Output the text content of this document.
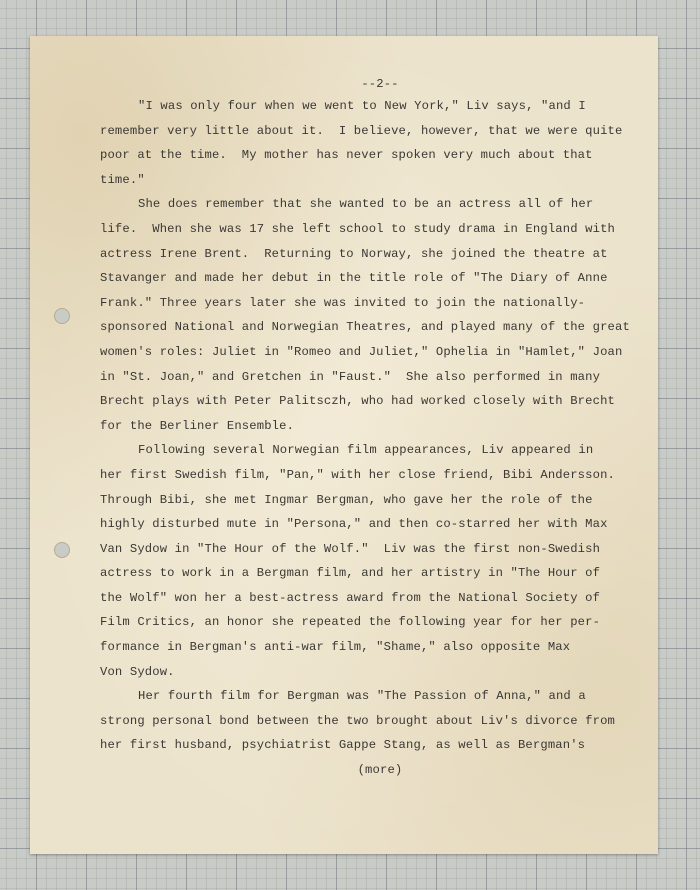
--2--
"I was only four when we went to New York," Liv says, "and I
remember very little about it.  I believe, however, that we were quite
poor at the time.  My mother has never spoken very much about that
time."
She does remember that she wanted to be an actress all of her
life.  When she was 17 she left school to study drama in England with
actress Irene Brent.  Returning to Norway, she joined the theatre at
Stavanger and made her debut in the title role of "The Diary of Anne
Frank." Three years later she was invited to join the nationally-
sponsored National and Norwegian Theatres, and played many of the great
women's roles: Juliet in "Romeo and Juliet," Ophelia in "Hamlet," Joan
in "St. Joan," and Gretchen in "Faust."  She also performed in many
Brecht plays with Peter Palitsczh, who had worked closely with Brecht
for the Berliner Ensemble.
Following several Norwegian film appearances, Liv appeared in
her first Swedish film, "Pan," with her close friend, Bibi Andersson.
Through Bibi, she met Ingmar Bergman, who gave her the role of the
highly disturbed mute in "Persona," and then co-starred her with Max
Van Sydow in "The Hour of the Wolf."  Liv was the first non-Swedish
actress to work in a Bergman film, and her artistry in "The Hour of
the Wolf" won her a best-actress award from the National Society of
Film Critics, an honor she repeated the following year for her per-
formance in Bergman's anti-war film, "Shame," also opposite Max
Von Sydow.
Her fourth film for Bergman was "The Passion of Anna," and a
strong personal bond between the two brought about Liv's divorce from
her first husband, psychiatrist Gappe Stang, as well as Bergman's
(more)
